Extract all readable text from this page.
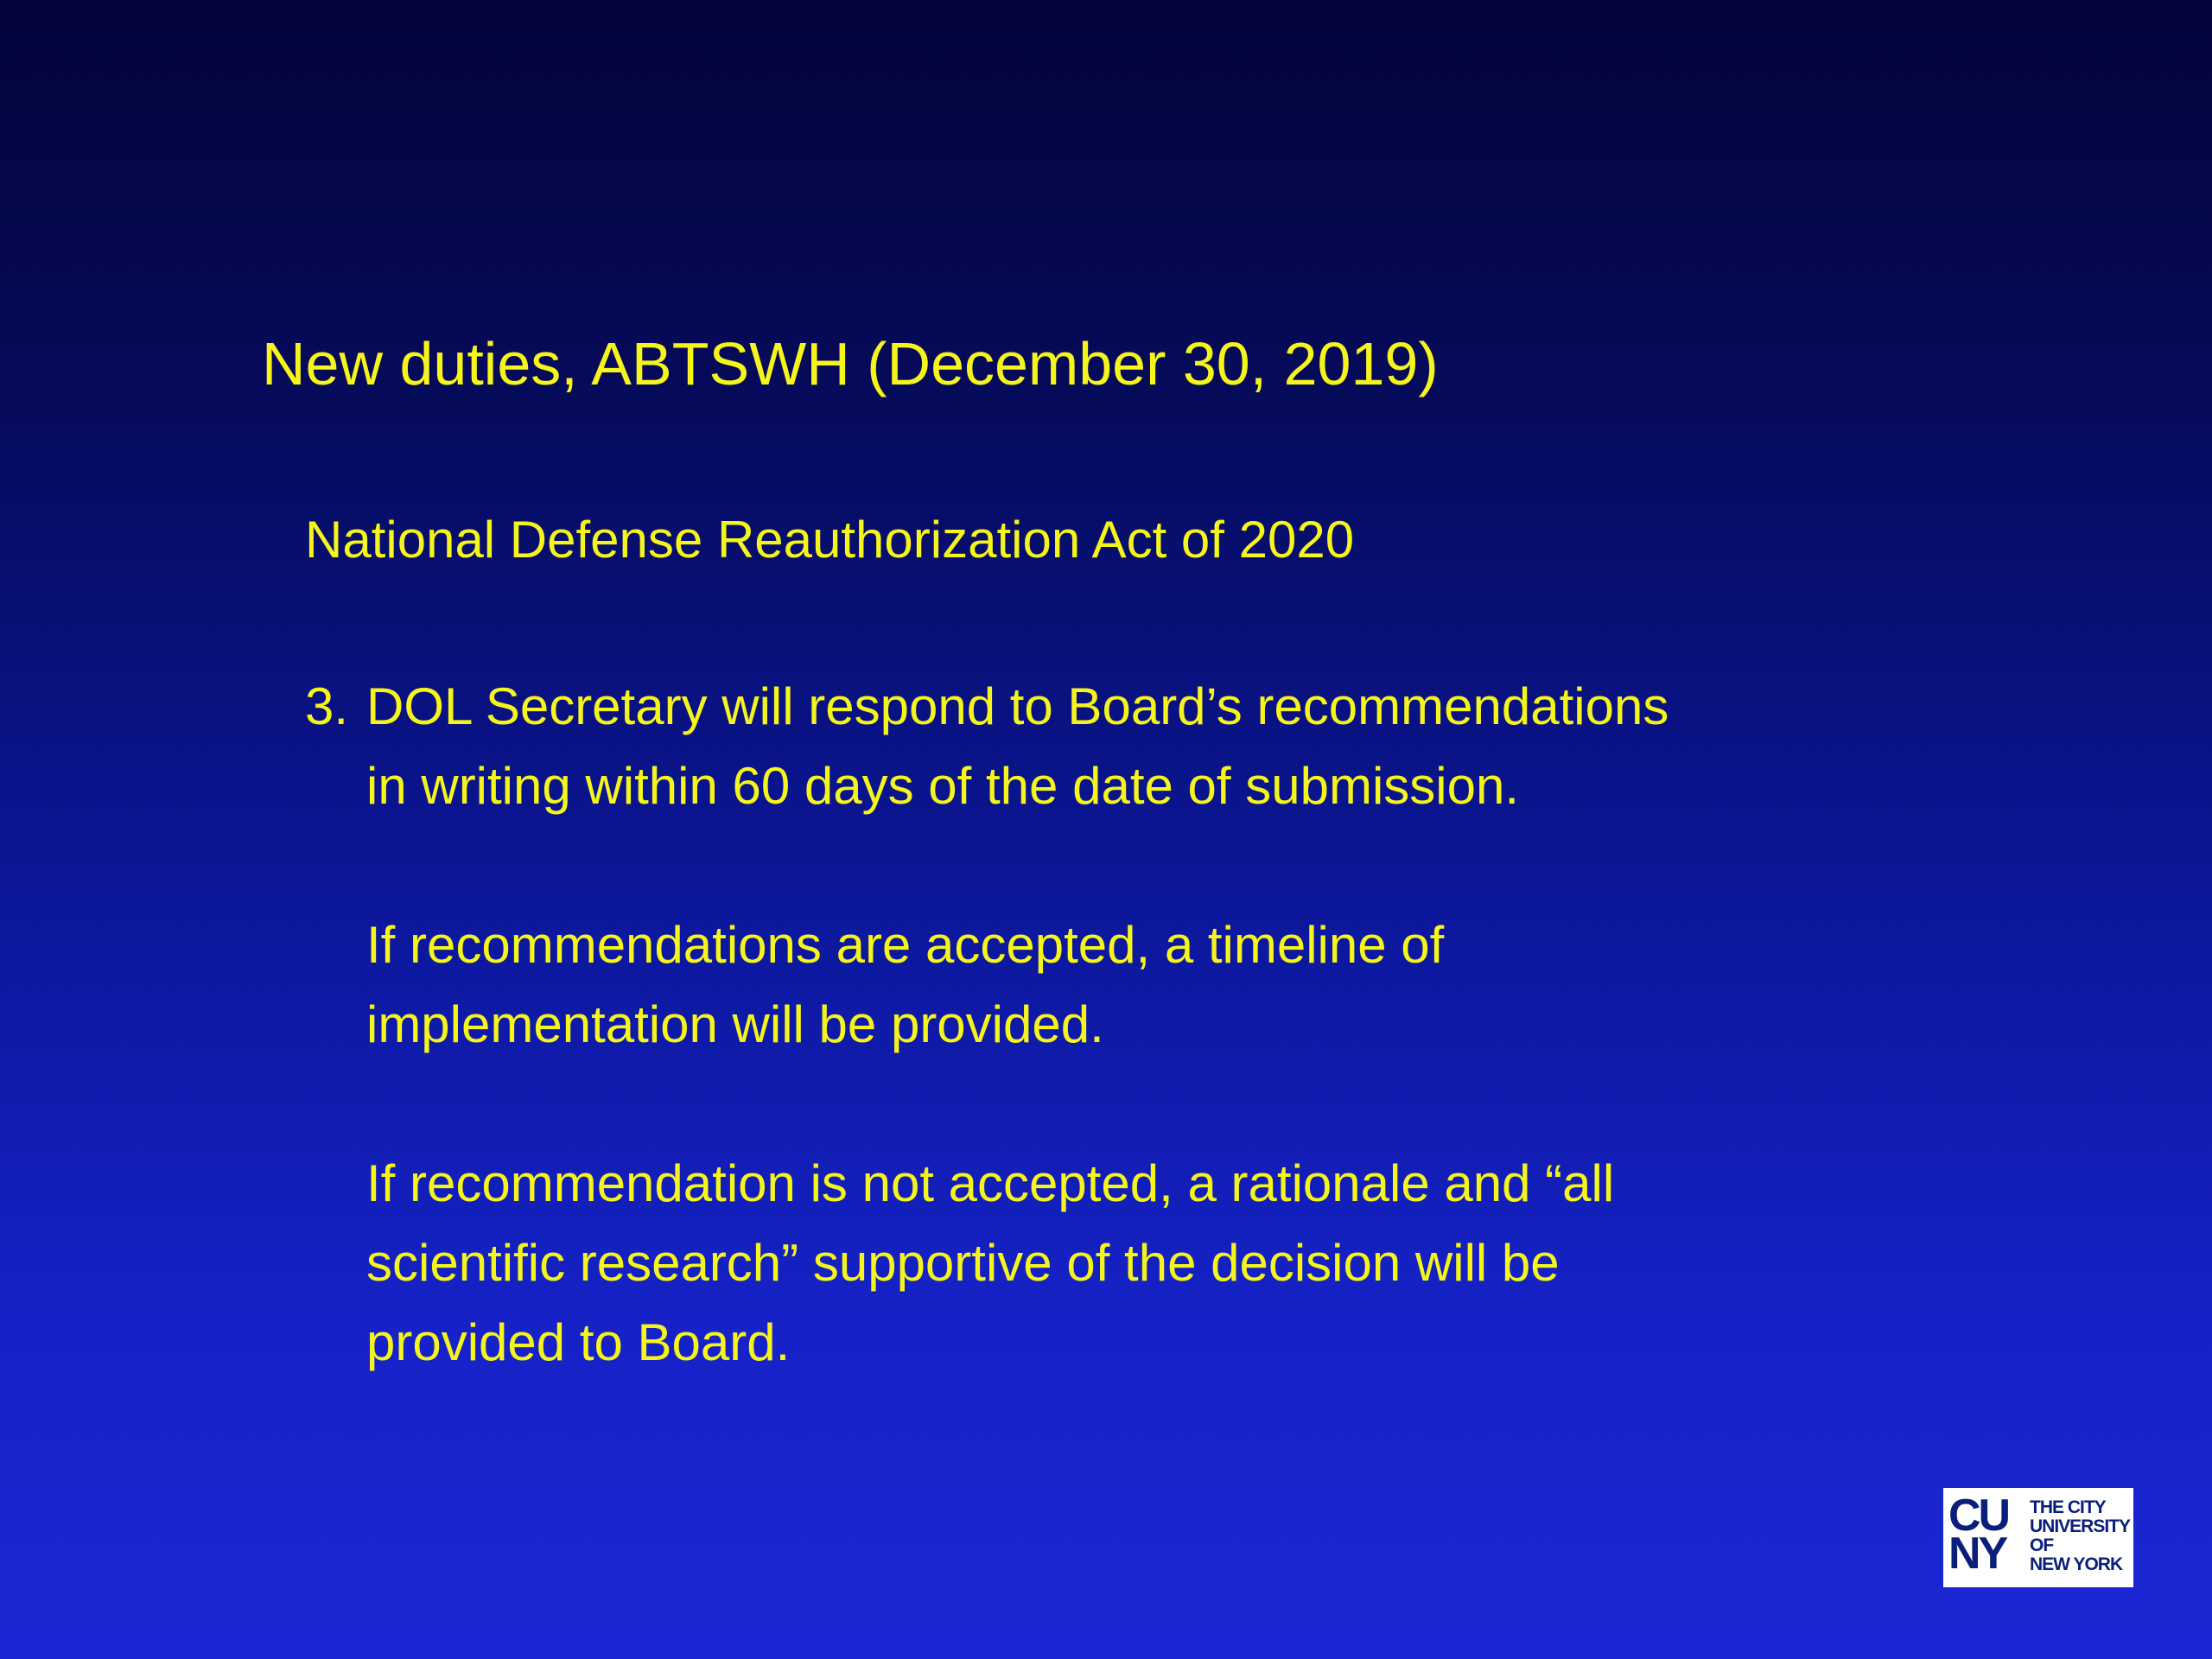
New duties, ABTSWH (December 30, 2019)
National Defense Reauthorization Act of 2020
3. DOL Secretary will respond to Board’s recommendations
in writing within 60 days of the date of submission.

If recommendations are accepted, a timeline of
implementation will be provided.

If recommendation is not accepted, a rationale and “all
scientific research” supportive of the decision will be
provided to Board.

CU
NY
THE CITY
UNIVERSITY
OF
NEW YORK
